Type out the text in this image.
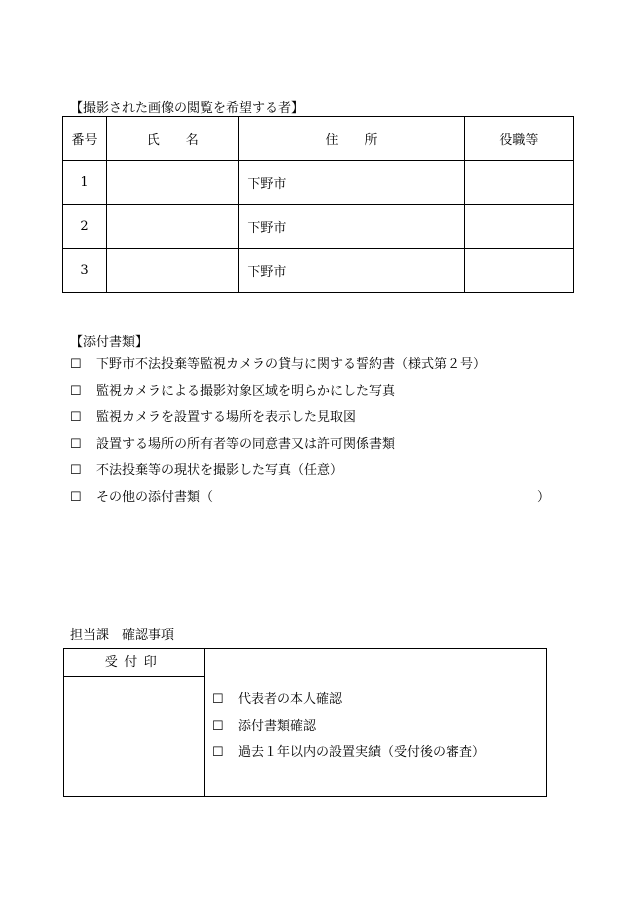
【撮影された画像の閲覧を希望する者】
番号	氏　　名	住　　所	役職等
1		下野市	
2		下野市	
3		下野市	
【添付書類】
☐ 下野市不法投棄等監視カメラの貸与に関する誓約書（様式第２号）
☐ 監視カメラによる撮影対象区域を明らかにした写真
☐ 監視カメラを設置する場所を表示した見取図
☐ 設置する場所の所有者等の同意書又は許可関係書類
☐ 不法投棄等の現状を撮影した写真（任意）
☐ その他の添付書類（	）
担当課　確認事項
受付印
☐ 代表者の本人確認
☐ 添付書類確認
☐ 過去１年以内の設置実績（受付後の審査）
